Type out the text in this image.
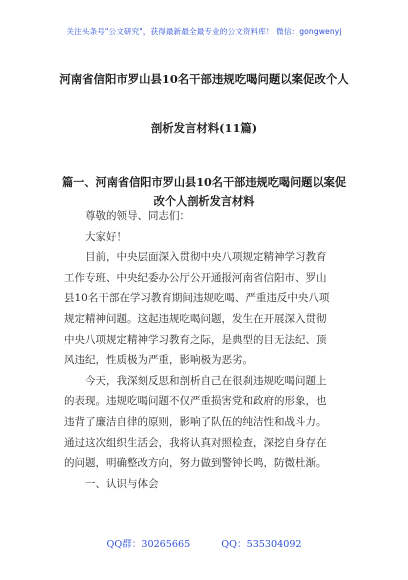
关注头条号"公文研究"，获得最新最全最专业的公文资料库！ 微信：gongwenyj
河南省信阳市罗山县10名干部违规吃喝问题以案促改个人
剖析发言材料(11篇)
篇一、河南省信阳市罗山县10名干部违规吃喝问题以案促
改个人剖析发言材料

尊敬的领导、同志们：

大家好！

目前，中央层面深入贯彻中央八项规定精神学习教育

工作专班、中央纪委办公厅公开通报河南省信阳市、罗山

县10名干部在学习教育期间违规吃喝、严重违反中央八项

规定精神问题。这起违规吃喝问题，发生在开展深入贯彻

中央八项规定精神学习教育之际，是典型的目无法纪、顶

风违纪，性质极为严重，影响极为恶劣。

今天，我深刻反思和剖析自己在很刹违规吃喝问题上

的表现。违规吃喝问题不仅严重损害党和政府的形象，也

违背了廉洁自律的原则，影响了队伍的纯洁性和战斗力。

通过这次组织生活会，我将认真对照检查，深挖自身存在

的问题，明确整改方向，努力做到警钟长鸣，防微杜渐。

一、认识与体会

QQ群：30265665	QQ：535304092
